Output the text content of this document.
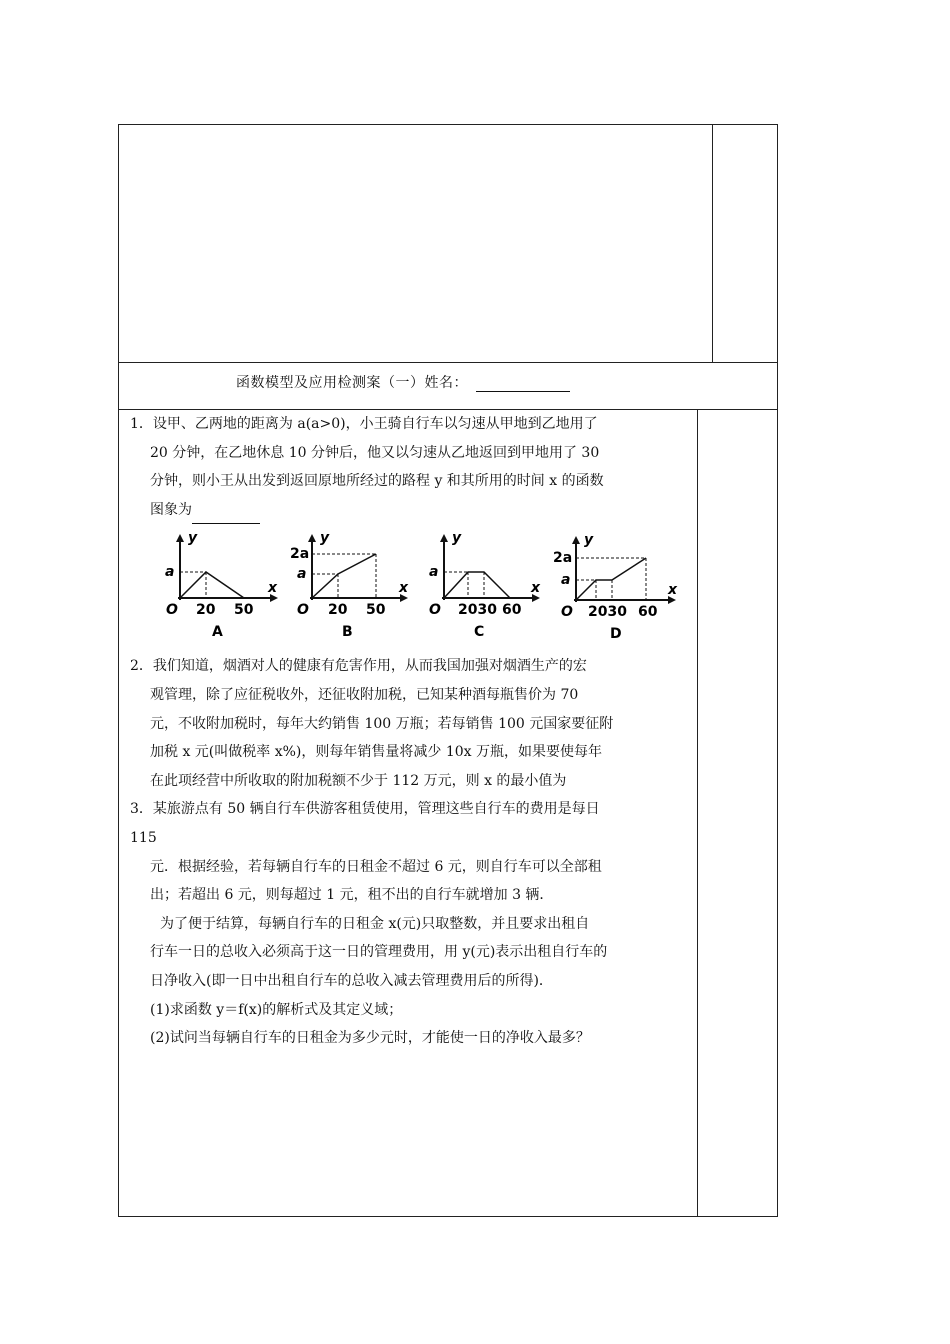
函数模型及应用检测案（一）姓名：

1．设甲、乙两地的距离为 a(a>0)，小王骑自行车以匀速从甲地到乙地用了

20 分钟，在乙地休息 10 分钟后，他又以匀速从乙地返回到甲地用了 30

分钟，则小王从出发到返回原地所经过的路程 y 和其所用的时间 x 的函数

图象为

y
x
a
O 20 50
A
y
x
2a
a
O 20 50
B
y
x
a
O 2030 60
C
y
x
2a
a
O 2030 60
D

2．我们知道，烟酒对人的健康有危害作用，从而我国加强对烟酒生产的宏

观管理，除了应征税收外，还征收附加税，已知某种酒每瓶售价为 70

元，不收附加税时，每年大约销售 100 万瓶；若每销售 100 元国家要征附

加税 x 元(叫做税率 x%)，则每年销售量将减少 10x 万瓶，如果要使每年

在此项经营中所收取的附加税额不少于 112 万元，则 x 的最小值为

3．某旅游点有 50 辆自行车供游客租赁使用，管理这些自行车的费用是每日

115

元．根据经验，若每辆自行车的日租金不超过 6 元，则自行车可以全部租

出；若超出 6 元，则每超过 1 元，租不出的自行车就增加 3 辆．

为了便于结算，每辆自行车的日租金 x(元)只取整数，并且要求出租自

行车一日的总收入必须高于这一日的管理费用，用 y(元)表示出租自行车的

日净收入(即一日中出租自行车的总收入减去管理费用后的所得)．

(1)求函数 y＝f(x)的解析式及其定义域；

(2)试问当每辆自行车的日租金为多少元时，才能使一日的净收入最多？
